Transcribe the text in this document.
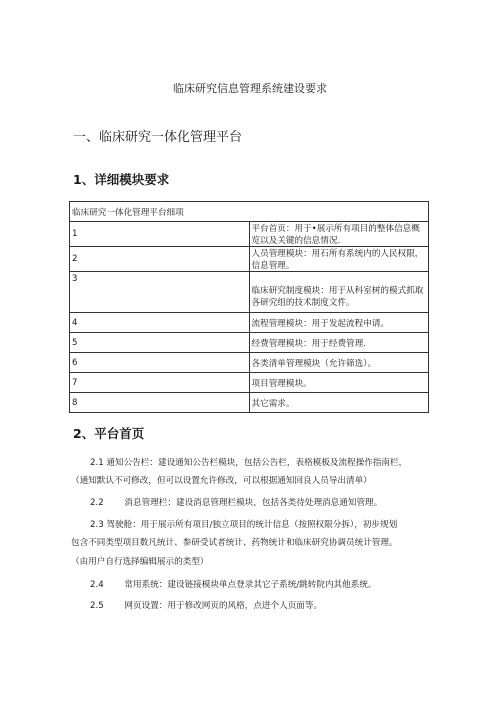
临床研究信息管理系统建设要求
一、临床研究一体化管理平台
1、详细模块要求
临床研究一体化管理平台细项	
1	平台首页：用于•展示所有项目的整体信息概览以及关键的信息情况.
2	人员管理模块：用石所有系统内的人民权限，信息管理。
3	临床研究制度模块：用于从科室树的模式抓取各研究组的技术制度文件。
4	流程管理模块：用于发起流程申请。
5	经费管理模块：用于经费管理.
6	各类清单管理模块（允许筛选）。
7	项目管理模块。
8	其它需求。
2、平台首页
2.1 通知公告栏：建设通知公告栏模块，包括公告栏，表格模板及流程操作指南栏，
（通知默认不可修改，但可以设置允许修改，可以根据通知回良人员导出清单）
2.2 消息管理栏：建设消息管理栏模块，包括各类待处理消息通知管理。
2.3 驾驶舱：用于展示所有项目/独立项目的统计信息（按照权限分拆），初步规划
包含不同类型项目数凡统计、参研受试者统计、药物统计和临床研究协调员统计管理。
（由用户自行选择编辑展示的类型）
2.4 常用系统：建设链接模块单点登录其它子系统/跳转院内其他系统。
2.5 网页设置：用于修改网页的风格，点进个人页面等。
